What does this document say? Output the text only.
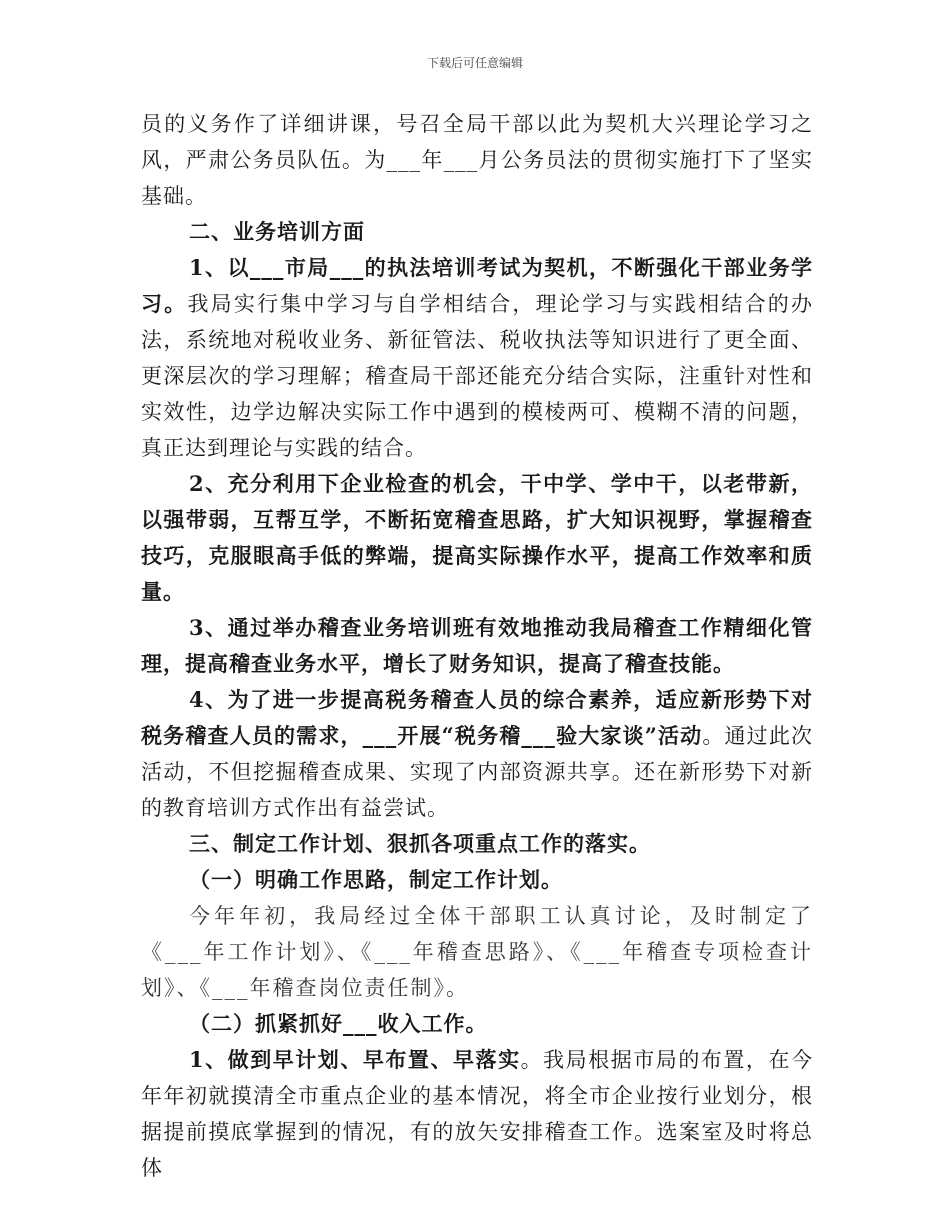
下载后可任意编辑

员的义务作了详细讲课，号召全局干部以此为契机大兴理论学习之风，严肃公务员队伍。为___年___月公务员法的贯彻实施打下了坚实基础。

二、业务培训方面

1、以___市局___的执法培训考试为契机，不断强化干部业务学习。我局实行集中学习与自学相结合，理论学习与实践相结合的办法，系统地对税收业务、新征管法、税收执法等知识进行了更全面、更深层次的学习理解；稽查局干部还能充分结合实际，注重针对性和实效性，边学边解决实际工作中遇到的模棱两可、模糊不清的问题，真正达到理论与实践的结合。

2、充分利用下企业检查的机会，干中学、学中干，以老带新，以强带弱，互帮互学，不断拓宽稽查思路，扩大知识视野，掌握稽查技巧，克服眼高手低的弊端，提高实际操作水平，提高工作效率和质量。

3、通过举办稽查业务培训班有效地推动我局稽查工作精细化管理，提高稽查业务水平，增长了财务知识，提高了稽查技能。

4、为了进一步提高税务稽查人员的综合素养，适应新形势下对税务稽查人员的需求，___开展“税务稽___验大家谈”活动。通过此次活动，不但挖掘稽查成果、实现了内部资源共享。还在新形势下对新的教育培训方式作出有益尝试。

三、制定工作计划、狠抓各项重点工作的落实。

（一）明确工作思路，制定工作计划。

今年年初，我局经过全体干部职工认真讨论，及时制定了《___年工作计划》、《___年稽查思路》、《___年稽查专项检查计划》、《___年稽查岗位责任制》。

（二）抓紧抓好___收入工作。

1、做到早计划、早布置、早落实。我局根据市局的布置，在今年年初就摸清全市重点企业的基本情况，将全市企业按行业划分，根据提前摸底掌握到的情况，有的放矢安排稽查工作。选案室及时将总体
